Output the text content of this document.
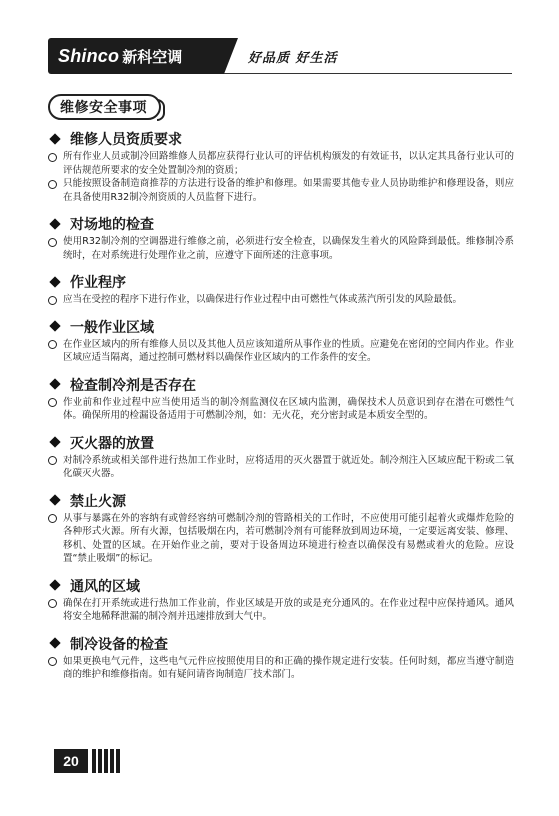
Shinco 新科空调	好品质 好生活
维修安全事项
维修人员资质要求
所有作业人员或制冷回路维修人员都应获得行业认可的评估机构颁发的有效证书，以认定其具备行业认可的评估规范所要求的安全处置制冷剂的资质；
只能按照设备制造商推荐的方法进行设备的维护和修理。如果需要其他专业人员协助维护和修理设备，则应在具备使用R32制冷剂资质的人员监督下进行。
对场地的检查
使用R32制冷剂的空调器进行维修之前，必须进行安全检查，以确保发生着火的风险降到最低。维修制冷系统时，在对系统进行处理作业之前，应遵守下面所述的注意事项。
作业程序
应当在受控的程序下进行作业，以确保进行作业过程中由可燃性气体或蒸汽所引发的风险最低。
一般作业区域
在作业区域内的所有维修人员以及其他人员应该知道所从事作业的性质。应避免在密闭的空间内作业。作业区域应适当隔离，通过控制可燃材料以确保作业区域内的工作条件的安全。
检查制冷剂是否存在
作业前和作业过程中应当使用适当的制冷剂监测仪在区域内监测，确保技术人员意识到存在潜在可燃性气体。确保所用的检漏设备适用于可燃制冷剂，如：无火花，充分密封或是本质安全型的。
灭火器的放置
对制冷系统或相关部件进行热加工作业时，应将适用的灭火器置于就近处。制冷剂注入区域应配干粉或二氧化碳灭火器。
禁止火源
从事与暴露在外的容纳有或曾经容纳可燃制冷剂的管路相关的工作时，不应使用可能引起着火或爆炸危险的各种形式火源。所有火源，包括吸烟在内，若可燃制冷剂有可能释放到周边环境，一定要远离安装、修理、移机、处置的区域。在开始作业之前，要对于设备周边环境进行检查以确保没有易燃或着火的危险。应设置“禁止吸烟”的标记。
通风的区域
确保在打开系统或进行热加工作业前，作业区域是开放的或是充分通风的。在作业过程中应保持通风。通风将安全地稀释泄漏的制冷剂并迅速排放到大气中。
制冷设备的检查
如果更换电气元件，这些电气元件应按照使用目的和正确的操作规定进行安装。任何时刻，都应当遵守制造商的维护和维修指南。如有疑问请咨询制造厂技术部门。
20
